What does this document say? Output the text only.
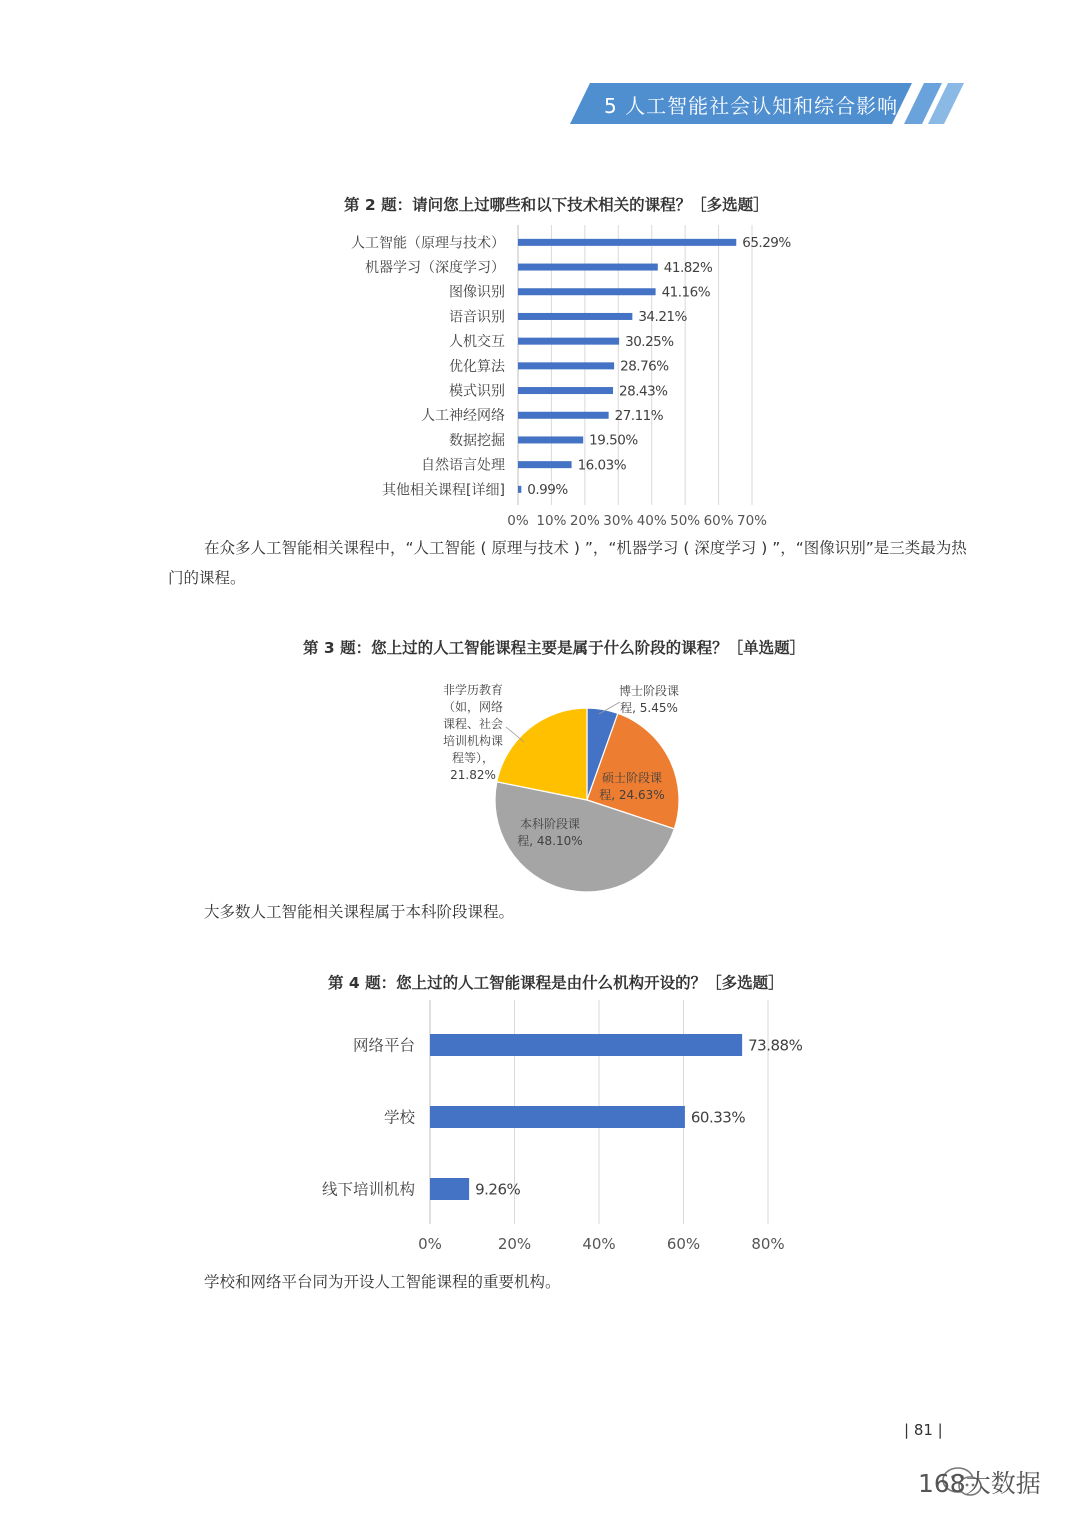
5 人工智能社会认知和综合影响
第 2 题：请问您上过哪些和以下技术相关的课程？［多选题］
0% 10% 20% 30% 40% 50% 60% 70%
人工智能（原理与技术）	65.29%
机器学习（深度学习）	41.82%
图像识别	41.16%
语音识别	34.21%
人机交互	30.25%
优化算法	28.76%
模式识别	28.43%
人工神经网络	27.11%
数据挖掘	19.50%
自然语言处理	16.03%
其他相关课程[详细] 0.99%
在众多人工智能相关课程中，“人工智能 ( 原理与技术 ) ”，“机器学习 ( 深度学习 ) ”，“图像识别”是三类最为热门的课程。
第 3 题：您上过的人工智能课程主要是属于什么阶段的课程？［单选题］
博士阶段课
程, 5.45%
硕士阶段课
程, 24.63%
本科阶段课
程, 48.10%
非学历教育
（如，网络
课程、社会
培训机构课
程等），
21.82%
大多数人工智能相关课程属于本科阶段课程。
第 4 题：您上过的人工智能课程是由什么机构开设的？［多选题］
0%	20%	40%	60%	80%
网络平台	73.88%
学校	60.33%
线下培训机构	9.26%
学校和网络平台同为开设人工智能课程的重要机构。
| 81 |
168大数据
